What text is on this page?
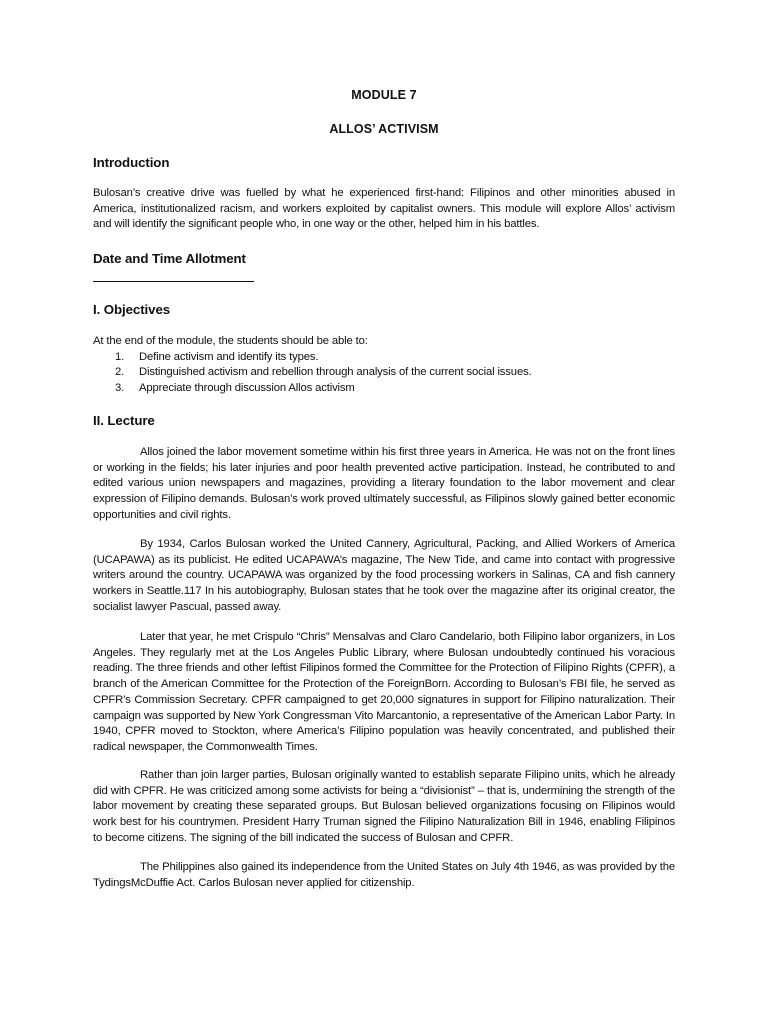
MODULE 7
ALLOS’ ACTIVISM
Introduction

Bulosan’s creative drive was fuelled by what he experienced first-hand: Filipinos and other minorities abused in America, institutionalized racism, and workers exploited by capitalist owners. This module will explore Allos’ activism and will identify the significant people who, in one way or the other, helped him in his battles.

Date and Time Allotment
I. Objectives
At the end of the module, the students should be able to:
1. Define activism and identify its types.
2. Distinguished activism and rebellion through analysis of the current social issues.
3. Appreciate through discussion Allos activism
II. Lecture

Allos joined the labor movement sometime within his first three years in America. He was not on the front lines or working in the fields; his later injuries and poor health prevented active participation. Instead, he contributed to and edited various union newspapers and magazines, providing a literary foundation to the labor movement and clear expression of Filipino demands. Bulosan’s work proved ultimately successful, as Filipinos slowly gained better economic opportunities and civil rights.

By 1934, Carlos Bulosan worked the United Cannery, Agricultural, Packing, and Allied Workers of America (UCAPAWA) as its publicist. He edited UCAPAWA’s magazine, The New Tide, and came into contact with progressive writers around the country. UCAPAWA was organized by the food processing workers in Salinas, CA and fish cannery workers in Seattle.117 In his autobiography, Bulosan states that he took over the magazine after its original creator, the socialist lawyer Pascual, passed away.

Later that year, he met Crispulo “Chris” Mensalvas and Claro Candelario, both Filipino labor organizers, in Los Angeles. They regularly met at the Los Angeles Public Library, where Bulosan undoubtedly continued his voracious reading. The three friends and other leftist Filipinos formed the Committee for the Protection of Filipino Rights (CPFR), a branch of the American Committee for the Protection of the ForeignBorn. According to Bulosan’s FBI file, he served as CPFR’s Commission Secretary. CPFR campaigned to get 20,000 signatures in support for Filipino naturalization. Their campaign was supported by New York Congressman Vito Marcantonio, a representative of the American Labor Party. In 1940, CPFR moved to Stockton, where America’s Filipino population was heavily concentrated, and published their radical newspaper, the Commonwealth Times.

Rather than join larger parties, Bulosan originally wanted to establish separate Filipino units, which he already did with CPFR. He was criticized among some activists for being a “divisionist” – that is, undermining the strength of the labor movement by creating these separated groups. But Bulosan believed organizations focusing on Filipinos would work best for his countrymen. President Harry Truman signed the Filipino Naturalization Bill in 1946, enabling Filipinos to become citizens. The signing of the bill indicated the success of Bulosan and CPFR.

The Philippines also gained its independence from the United States on July 4th 1946, as was provided by the TydingsMcDuffie Act. Carlos Bulosan never applied for citizenship.
